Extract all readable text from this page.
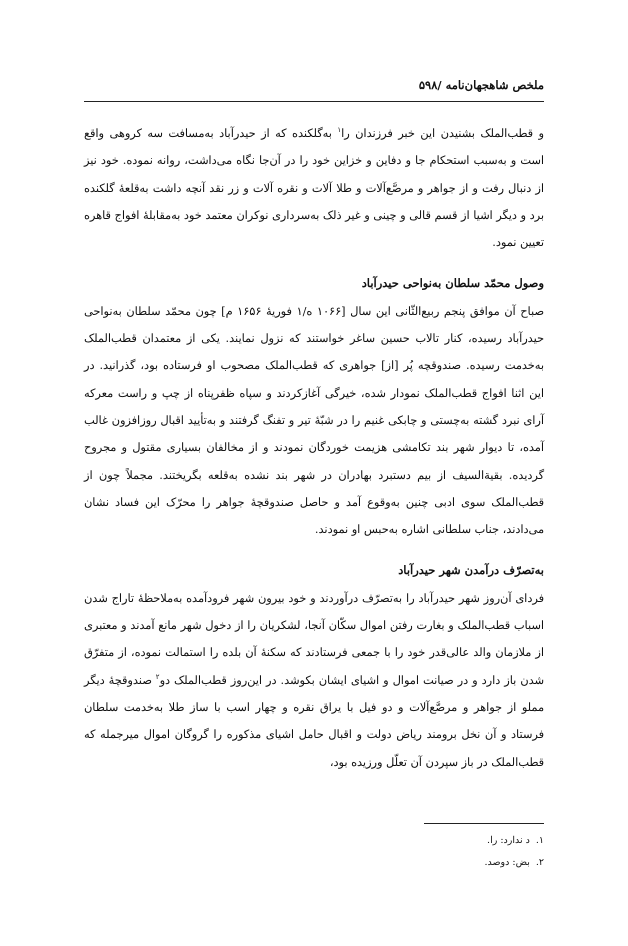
ملخص شاهجهان‌نامه /۵۹۸

و قطب‌الملک بشنیدن این خبر فرزندان را$^۱$ به‌گلکنده که از حیدرآباد به‌مسافت سه کروهی واقع است و به‌سبب استحکام جا و دفاین و خزاین خود را در آن‌جا نگاه می‌داشت، روانه نموده. خود نیز از دنبال رفت و از جواهر و مرصَّع‌آلات و طلا آلات و نقره آلات و زر نقد آنچه داشت به‌قلعهٔ گلکنده برد و دیگر اشیا از قسم قالی و چینی و غیر ذلک به‌سرداری نوکران معتمد خود به‌مقابلهٔ افواج قاهره تعیین نمود.

وصول محمّد سلطان به‌نواحی حیدرآباد

صباح آن موافق پنجم ربیع‌الثّانی این سال [۱۰۶۶ ه/۱ فوریهٔ ۱۶۵۶ م] چون محمّد سلطان به‌نواحی حیدرآباد رسیده، کنار تالاب حسین ساغر خواستند که نزول نمایند. یکی از معتمدان قطب‌الملک به‌خدمت رسیده. صندوقچه پُر [از] جواهری که قطب‌الملک مصحوب او فرستاده بود، گذرانید. در این اثنا افواج قطب‌الملک نمودار شده، خیرگی آغازکردند و سپاه ظفرپناه از چپ و راست معرکه آرای نبرد گشته به‌چستی و چابکی غنیم را در شبّهٔ تیر و تفنگ گرفتند و به‌تأیید اقبال روزافزون غالب آمده، تا دیوار شهر بند تکامشی هزیمت خوردگان نمودند و از مخالفان بسیاری مقتول و مجروح گردیده. بقیةالسیف از بیم دستبرد بهادران در شهر بند نشده به‌قلعه بگریختند. مجملاً چون از قطب‌الملک سوی ادبی چنین به‌وقوع آمد و حاصل صندوقچهٔ جواهر را محرّک این فساد نشان می‌دادند، جناب سلطانی اشاره به‌حبس او نمودند.

به‌تصرّف درآمدن شهر حیدرآباد

فردای آن‌روز شهر حیدرآباد را به‌تصرّف درآوردند و خود بیرون شهر فرودآمده به‌ملاحظهٔ تاراج شدن اسباب قطب‌الملک و بغارت رفتن اموال سکّان آنجا، لشکریان را از دخول شهر مانع آمدند و معتبری از ملازمان والد عالی‌قدر خود را با جمعی فرستادند که سکنهٔ آن بلده را استمالت نموده، از متفرّق شدن باز دارد و در صیانت اموال و اشیای ایشان بکوشد. در این‌روز قطب‌الملک دو$^۲$ صندوقچهٔ دیگر مملو از جواهر و مرصَّع‌آلات و دو فیل با یراق نقره و چهار اسب با ساز طلا به‌خدمت سلطان فرستاد و آن نخل برومند ریاض دولت و اقبال حامل اشیای مذکوره را گروگان اموال میرجمله که قطب‌الملک در باز سپردن آن تعلّل ورزیده بود،

۱.د ندارد: را.
۲.بض: دوصد.
